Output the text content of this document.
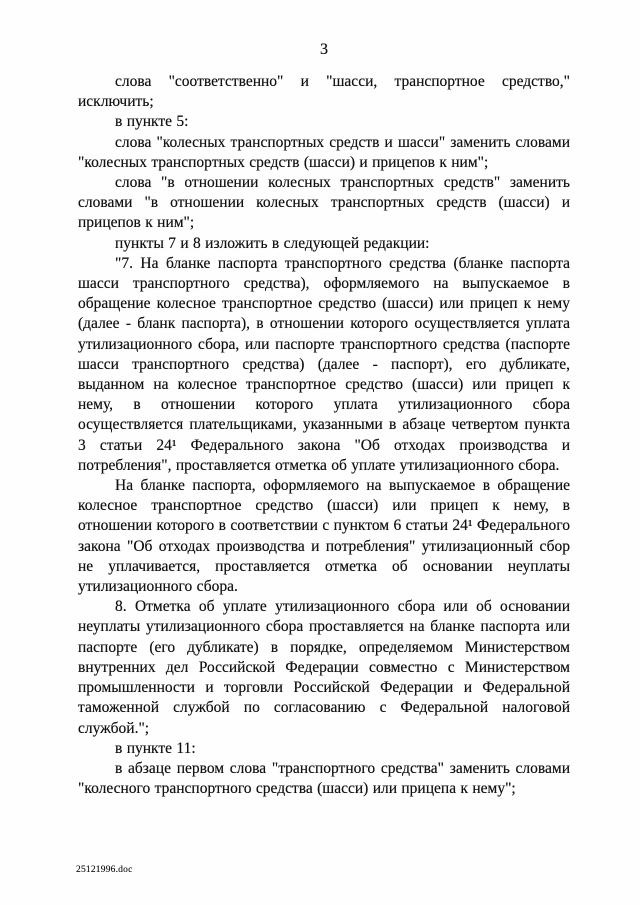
3

слова "соответственно" и "шасси, транспортное средство," исключить;

в пункте 5:

слова "колесных транспортных средств и шасси" заменить словами "колесных транспортных средств (шасси) и прицепов к ним";

слова "в отношении колесных транспортных средств" заменить словами "в отношении колесных транспортных средств (шасси) и прицепов к ним";

пункты 7 и 8 изложить в следующей редакции:

"7. На бланке паспорта транспортного средства (бланке паспорта шасси транспортного средства), оформляемого на выпускаемое в обращение колесное транспортное средство (шасси) или прицеп к нему (далее - бланк паспорта), в отношении которого осуществляется уплата утилизационного сбора, или паспорте транспортного средства (паспорте шасси транспортного средства) (далее - паспорт), его дубликате, выданном на колесное транспортное средство (шасси) или прицеп к нему, в отношении которого уплата утилизационного сбора осуществляется плательщиками, указанными в абзаце четвертом пункта 3 статьи 24¹ Федерального закона "Об отходах производства и потребления", проставляется отметка об уплате утилизационного сбора.

На бланке паспорта, оформляемого на выпускаемое в обращение колесное транспортное средство (шасси) или прицеп к нему, в отношении которого в соответствии с пунктом 6 статьи 24¹ Федерального закона "Об отходах производства и потребления" утилизационный сбор не уплачивается, проставляется отметка об основании неуплаты утилизационного сбора.

8. Отметка об уплате утилизационного сбора или об основании неуплаты утилизационного сбора проставляется на бланке паспорта или паспорте (его дубликате) в порядке, определяемом Министерством внутренних дел Российской Федерации совместно с Министерством промышленности и торговли Российской Федерации и Федеральной таможенной службой по согласованию с Федеральной налоговой службой.";

в пункте 11:

в абзаце первом слова "транспортного средства" заменить словами "колесного транспортного средства (шасси) или прицепа к нему";

25121996.doc
